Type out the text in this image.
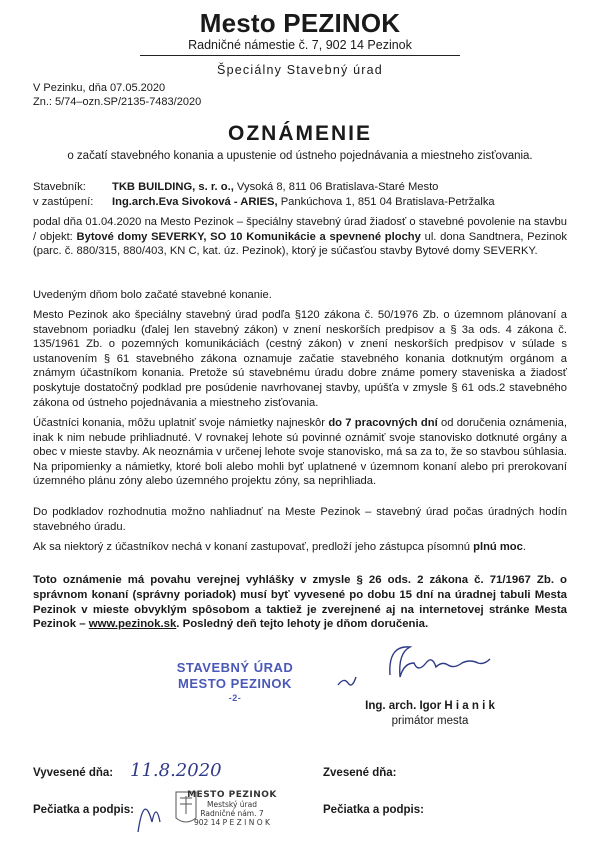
Mesto PEZINOK
Radničné námestie č. 7, 902 14 Pezinok
Špeciálny Stavebný úrad
V Pezinku, dňa 07.05.2020
Zn.: 5/74–ozn.SP/2135-7483/2020
OZNÁMENIE
o začatí stavebného konania a upustenie od ústneho pojednávania a miestneho zisťovania.
Stavebník: TKB BUILDING, s. r. o., Vysoká 8, 811 06 Bratislava-Staré Mesto
v zastúpení: Ing.arch.Eva Sivoková - ARIES, Pankúchova 1, 851 04 Bratislava-Petržalka
podal dňa 01.04.2020 na Mesto Pezinok – špeciálny stavebný úrad žiadosť o stavebné povolenie na stavbu / objekt: Bytové domy SEVERKY, SO 10 Komunikácie a spevnené plochy ul. dona Sandtnera, Pezinok (parc. č. 880/315, 880/403, KN C, kat. úz. Pezinok), ktorý je súčasťou stavby Bytové domy SEVERKY.
Uvedeným dňom bolo začaté stavebné konanie.
Mesto Pezinok ako špeciálny stavebný úrad podľa §120 zákona č. 50/1976 Zb. o územnom plánovaní a stavebnom poriadku (ďalej len stavebný zákon) v znení neskorších predpisov a § 3a ods. 4 zákona č. 135/1961 Zb. o pozemných komunikáciách (cestný zákon) v znení neskorších predpisov v súlade s ustanovením § 61 stavebného zákona oznamuje začatie stavebného konania dotknutým orgánom a známym účastníkom konania. Pretože sú stavebnému úradu dobre známe pomery staveniska a žiadosť poskytuje dostatočný podklad pre posúdenie navrhovanej stavby, upúšťa v zmysle § 61 ods.2 stavebného zákona od ústneho pojednávania a miestneho zisťovania.
Účastníci konania, môžu uplatniť svoje námietky najneskôr do 7 pracovných dní od doručenia oznámenia, inak k nim nebude prihliadnuté. V rovnakej lehote sú povinné oznámiť svoje stanovisko dotknuté orgány a obec v mieste stavby. Ak neoznámia v určenej lehote svoje stanovisko, má sa za to, že so stavbou súhlasia. Na pripomienky a námietky, ktoré boli alebo mohli byť uplatnené v územnom konaní alebo pri prerokovaní územného plánu zóny alebo územného projektu zóny, sa neprihliada.
Do podkladov rozhodnutia možno nahliadnuť na Meste Pezinok – stavebný úrad počas úradných hodín stavebného úradu.
Ak sa niektorý z účastníkov nechá v konaní zastupovať, predloží jeho zástupca písomnú plnú moc.
Toto oznámenie má povahu verejnej vyhlášky v zmysle § 26 ods. 2 zákona č. 71/1967 Zb. o správnom konaní (správny poriadok) musí byť vyvesené po dobu 15 dní na úradnej tabuli Mesta Pezinok v mieste obvyklým spôsobom a taktiež je zverejnené aj na internetovej stránke Mesta Pezinok – www.pezinok.sk. Posledný deň tejto lehoty je dňom doručenia.
STAVEBNÝ ÚRAD
MESTO PEZINOK
-2-
Ing. arch. Igor H i a n i k
primátor mesta
Vyvesené dňa: 11.8.2020	Zvesené dňa:
Pečiatka a podpis:	Pečiatka a podpis:
MESTO PEZINOK
Mestský úrad
Radničné nám. 7
902 14 P E Z I N O K
